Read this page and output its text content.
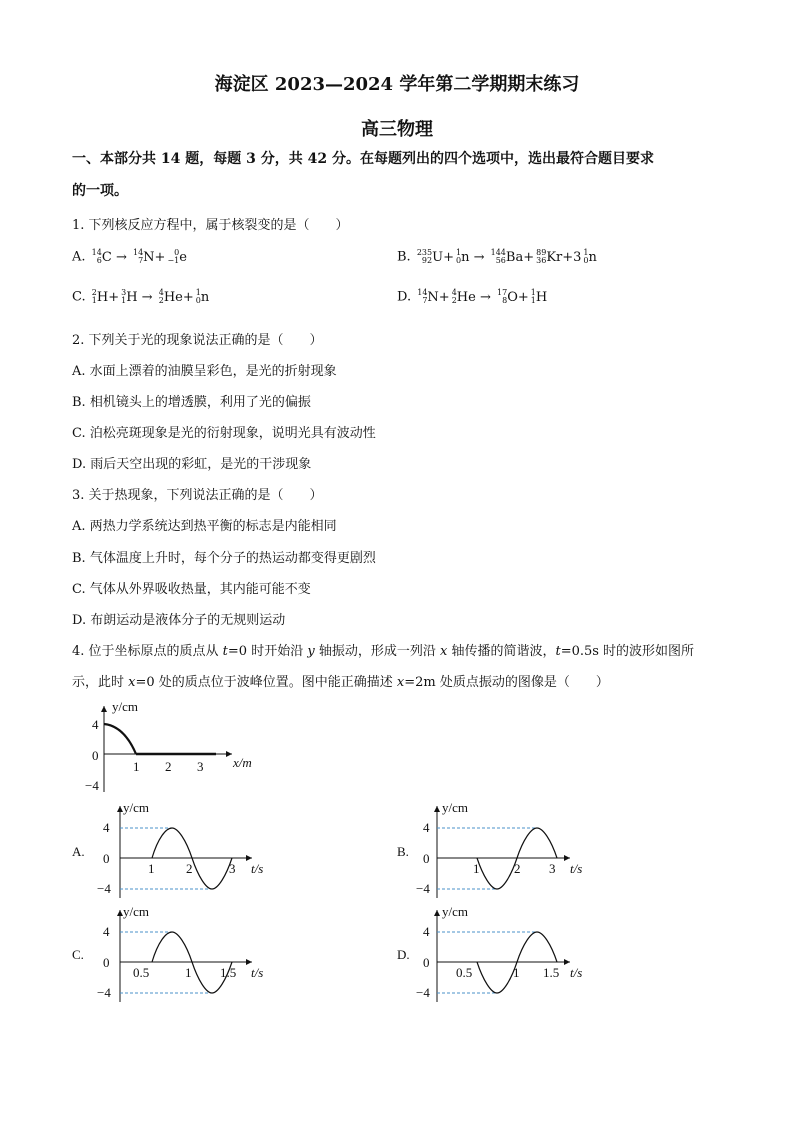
海淀区 2023—2024 学年第二学期期末练习
高三物理
一、本部分共 14 题，每题 3 分，共 42 分。在每题列出的四个选项中，选出最符合题目要求
的一项。
1. 下列核反应方程中，属于核裂变的是（　　）
A. 14
6 C → 14
7 N+	0
−1 e	B. 235
92 U+ 1
0 n → 144
56 Ba+ 89
36 Kr+3 1
0 n
C. 2
1 H+ 3
1 H → 4
2 He+ 1
0 n	D. 14
7 N+ 4
2 He → 17
8 O+ 1
1 H
2. 下列关于光的现象说法正确的是（　　）
A. 水面上漂着的油膜呈彩色，是光的折射现象
B. 相机镜头上的增透膜，利用了光的偏振
C. 泊松亮斑现象是光的衍射现象，说明光具有波动性
D. 雨后天空出现的彩虹，是光的干涉现象
3. 关于热现象，下列说法正确的是（　　）
A. 两热力学系统达到热平衡的标志是内能相同
B. 气体温度上升时，每个分子的热运动都变得更剧烈
C. 气体从外界吸收热量，其内能可能不变
D. 布朗运动是液体分子的无规则运动
4. 位于坐标原点的质点从 t=0 时开始沿 y 轴振动，形成一列沿 x 轴传播的简谐波，t=0.5s 时的波形如图所
示，此时 x=0 处的质点位于波峰位置。图中能正确描述 x=2m 处质点振动的图像是（　　）
y/cm
x/m
4
0
−4
1 2 3
A.
y/cm
t/s
4
0
−4
1 2	3
B.
y/cm
t/s
4
0
−4
1	2 3
C.
y/cm
t/s
4
0
−4
0.5	1 1.5
D.
y/cm
t/s
4
0
−4
0.5	1 1.5
